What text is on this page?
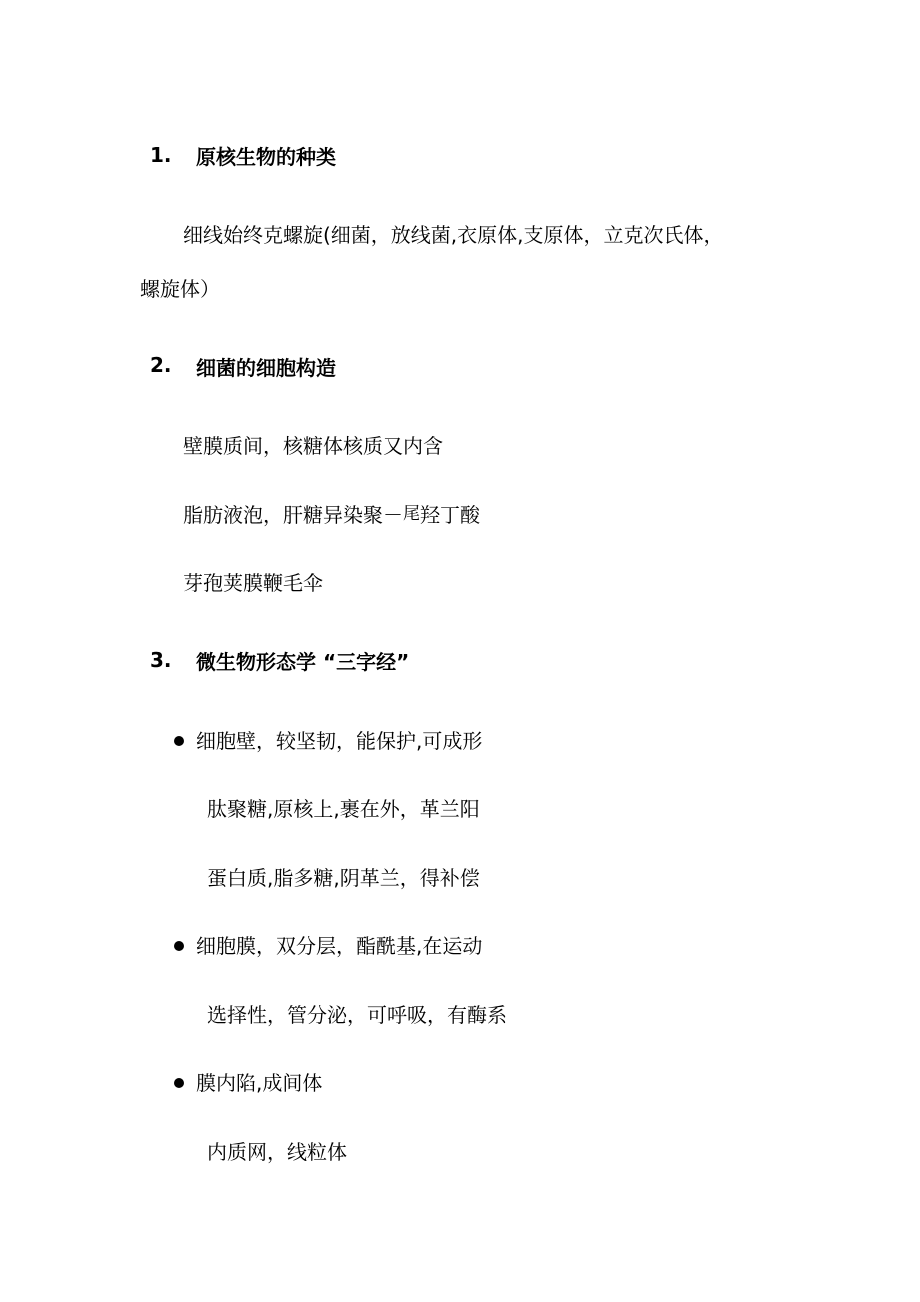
1. 原核生物的种类
细线始终克螺旋(细菌，放线菌,衣原体,支原体，立克次氏体，
螺旋体）
2. 细菌的细胞构造
壁膜质间，核糖体核质又内含
脂肪液泡，肝糖异染聚－尾羟丁酸
芽孢荚膜鞭毛伞
3. 微生物形态学 “三字经”
细胞壁，较坚韧，能保护,可成形
肽聚糖,原核上,裹在外，革兰阳
蛋白质,脂多糖,阴革兰，得补偿
细胞膜，双分层，酯酰基,在运动
选择性，管分泌，可呼吸，有酶系
膜内陷,成间体
内质网，线粒体
